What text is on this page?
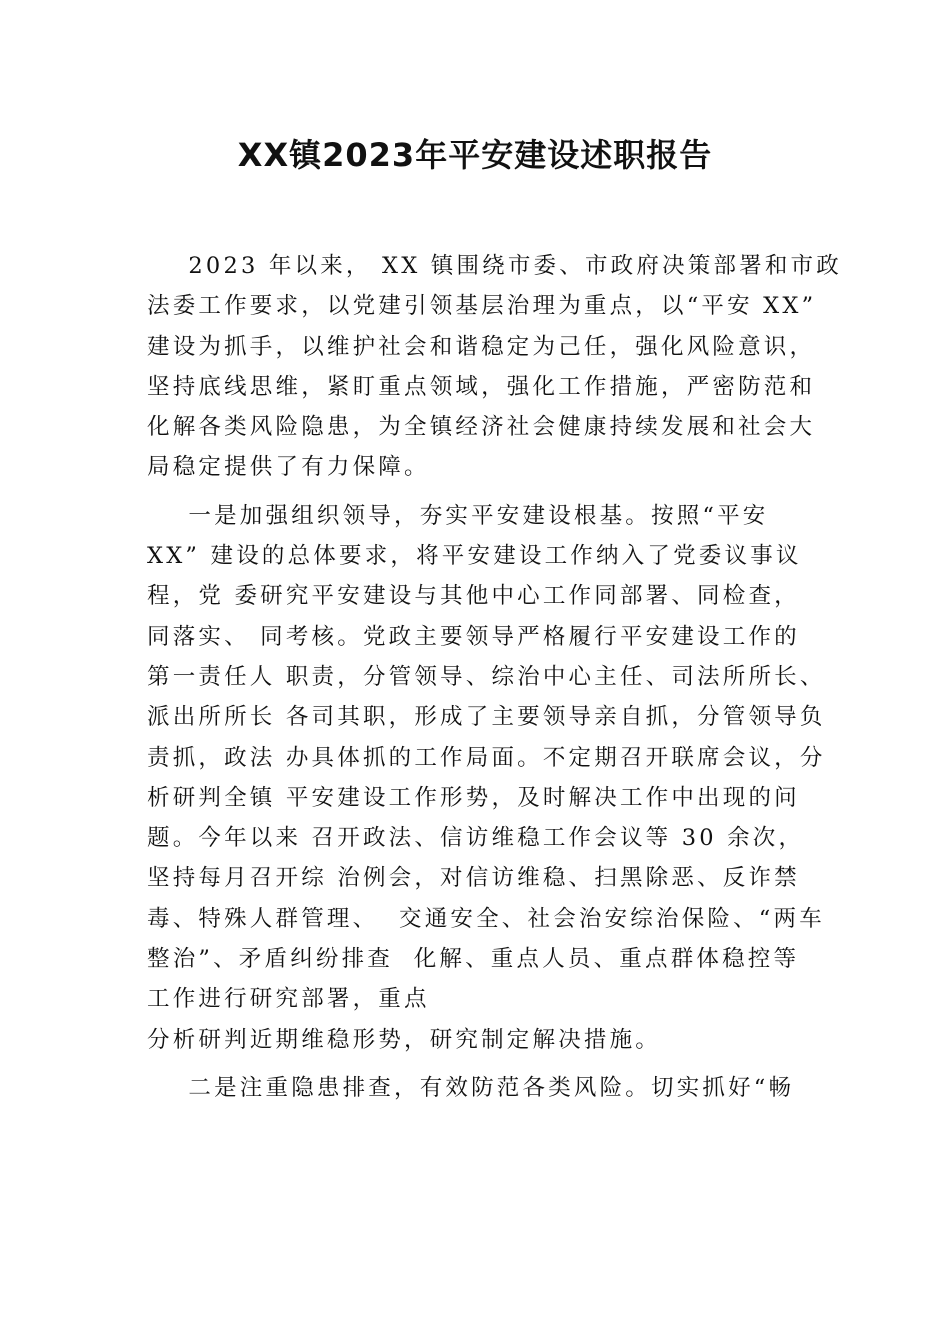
XX镇2023年平安建设述职报告
2023 年以来， XX 镇围绕市委、市政府决策部署和市政
法委工作要求，以党建引领基层治理为重点，以“平安 XX”
建设为抓手，以维护社会和谐稳定为己任，强化风险意识，
坚持底线思维，紧盯重点领域，强化工作措施，严密防范和
化解各类风险隐患，为全镇经济社会健康持续发展和社会大
局稳定提供了有力保障。
一是加强组织领导，夯实平安建设根基。按照“平安
XX” 建设的总体要求，将平安建设工作纳入了党委议事议
程，党 委研究平安建设与其他中心工作同部署、同检查，
同落实、 同考核。党政主要领导严格履行平安建设工作的
第一责任人 职责，分管领导、综治中心主任、司法所所长、
派出所所长 各司其职，形成了主要领导亲自抓，分管领导负
责抓，政法 办具体抓的工作局面。不定期召开联席会议，分
析研判全镇 平安建设工作形势，及时解决工作中出现的问
题。今年以来 召开政法、信访维稳工作会议等 30 余次，
坚持每月召开综 治例会，对信访维稳、扫黑除恶、反诈禁
毒、特殊人群管理、  交通安全、社会治安综治保险、“两车
整治”、矛盾纠纷排查  化解、重点人员、重点群体稳控等
工作进行研究部署，重点
分析研判近期维稳形势，研究制定解决措施。
二是注重隐患排查，有效防范各类风险。切实抓好“畅
